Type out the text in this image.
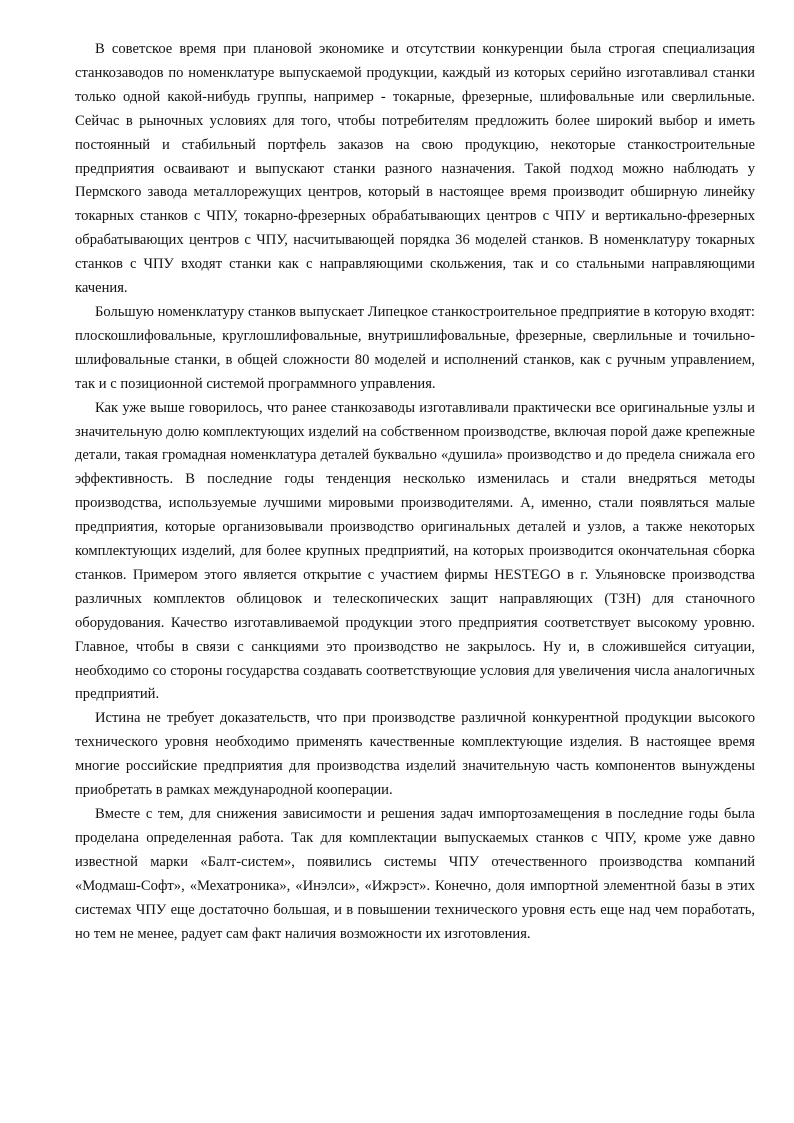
В советское время при плановой экономике и отсутствии конкуренции была строгая специализация станкозаводов по номенклатуре выпускаемой продукции, каждый из которых серийно изготавливал станки только одной какой-нибудь группы, например - токарные, фрезерные, шлифовальные или сверлильные. Сейчас в рыночных условиях для того, чтобы потребителям предложить более широкий выбор и иметь постоянный и стабильный портфель заказов на свою продукцию, некоторые станкостроительные предприятия осваивают и выпускают станки разного назначения. Такой подход можно наблюдать у Пермского завода металлорежущих центров, который в настоящее время производит обширную линейку токарных станков с ЧПУ, токарно-фрезерных обрабатывающих центров с ЧПУ и вертикально-фрезерных обрабатывающих центров с ЧПУ, насчитывающей порядка 36 моделей станков. В номенклатуру токарных станков с ЧПУ входят станки как с направляющими скольжения, так и со стальными направляющими качения.

Большую номенклатуру станков выпускает Липецкое станкостроительное предприятие в которую входят: плоскошлифовальные, круглошлифовальные, внутришлифовальные, фрезерные, сверлильные и точильно-шлифовальные станки, в общей сложности 80 моделей и исполнений станков, как с ручным управлением, так и с позиционной системой программного управления.

Как уже выше говорилось, что ранее станкозаводы изготавливали практически все оригинальные узлы и значительную долю комплектующих изделий на собственном производстве, включая порой даже крепежные детали, такая громадная номенклатура деталей буквально «душила» производство и до предела снижала его эффективность. В последние годы тенденция несколько изменилась и стали внедряться методы производства, используемые лучшими мировыми производителями. А, именно, стали появляться малые предприятия, которые организовывали производство оригинальных деталей и узлов, а также некоторых комплектующих изделий, для более крупных предприятий, на которых производится окончательная сборка станков. Примером этого является открытие с участием фирмы HESTEGO в г. Ульяновске производства различных комплектов облицовок и телескопических защит направляющих (ТЗН) для станочного оборудования. Качество изготавливаемой продукции этого предприятия соответствует высокому уровню. Главное, чтобы в связи с санкциями это производство не закрылось. Ну и, в сложившейся ситуации, необходимо со стороны государства создавать соответствующие условия для увеличения числа аналогичных предприятий.

Истина не требует доказательств, что при производстве различной конкурентной продукции высокого технического уровня необходимо применять качественные комплектующие изделия. В настоящее время многие российские предприятия для производства изделий значительную часть компонентов вынуждены приобретать в рамках международной кооперации.

Вместе с тем, для снижения зависимости и решения задач импортозамещения в последние годы была проделана определенная работа. Так для комплектации выпускаемых станков с ЧПУ, кроме уже давно известной марки «Балт-систем», появились системы ЧПУ отечественного производства компаний «Модмаш-Софт», «Мехатроника», «Инэлси», «Ижрэст». Конечно, доля импортной элементной базы в этих системах ЧПУ еще достаточно большая, и в повышении технического уровня есть еще над чем поработать, но тем не менее, радует сам факт наличия возможности их изготовления.
